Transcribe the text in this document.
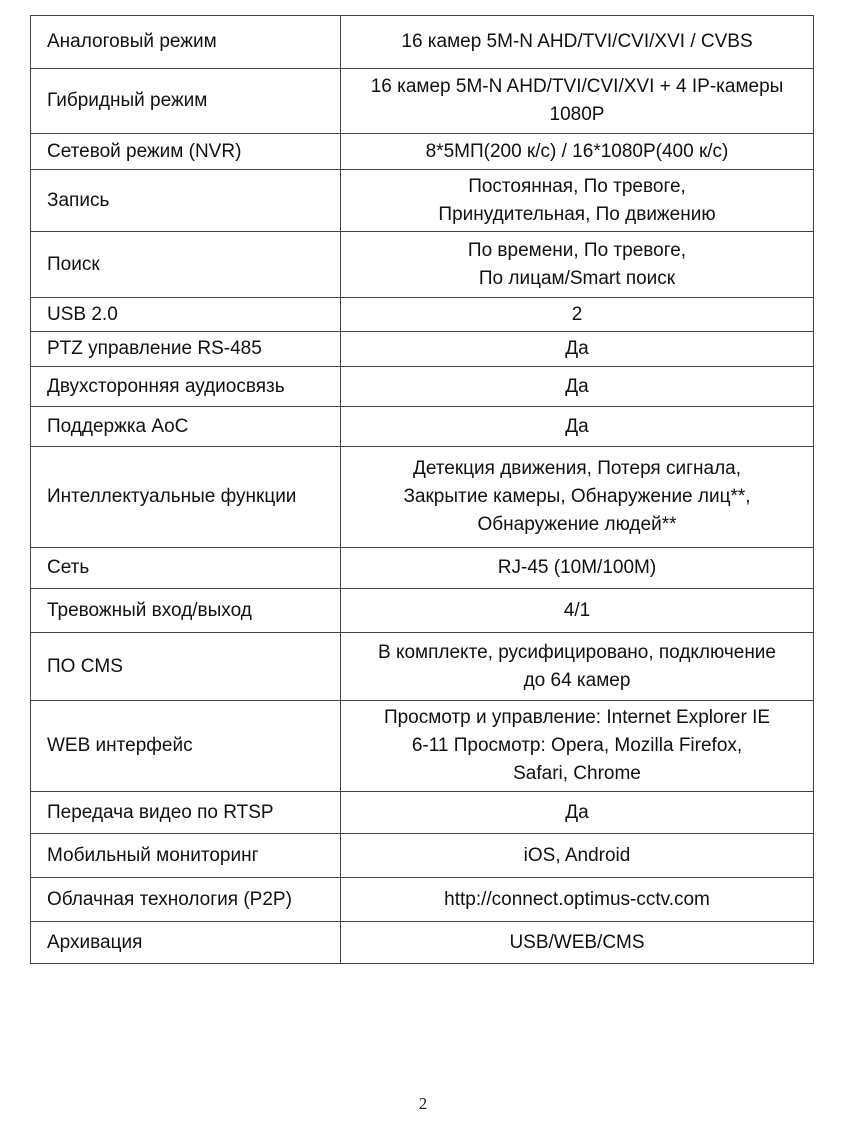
Аналоговый режим	16 камер 5M-N AHD/TVI/CVI/XVI / CVBS
Гибридный режим	16 камер 5M-N AHD/TVI/CVI/XVI + 4 IP-камеры 1080P
Сетевой режим (NVR)	8*5МП(200 к/с) / 16*1080P(400 к/с)
Запись	Постоянная, По тревоге,
Принудительная, По движению
Поиск	По времени, По тревоге,
По лицам/Smart поиск
USB 2.0	2
PTZ управление RS-485	Да
Двухсторонняя аудиосвязь	Да
Поддержка AoC	Да
Интеллектуальные функции	Детекция движения, Потеря сигнала,
Закрытие камеры, Обнаружение лиц**,
Обнаружение людей**
Сеть	RJ-45 (10M/100M)
Тревожный вход/выход	4/1
ПО CMS	В комплекте, русифицировано, подключение
до 64 камер
WEB интерфейс	Просмотр и управление: Internet Explorer IE
6-11 Просмотр: Opera, Mozilla Firefox,
Safari, Chrome
Передача видео по RTSP	Да
Мобильный мониторинг	iOS, Android
Облачная технология (P2P)	http://connect.optimus-cctv.com
Архивация	USB/WEB/CMS
2
